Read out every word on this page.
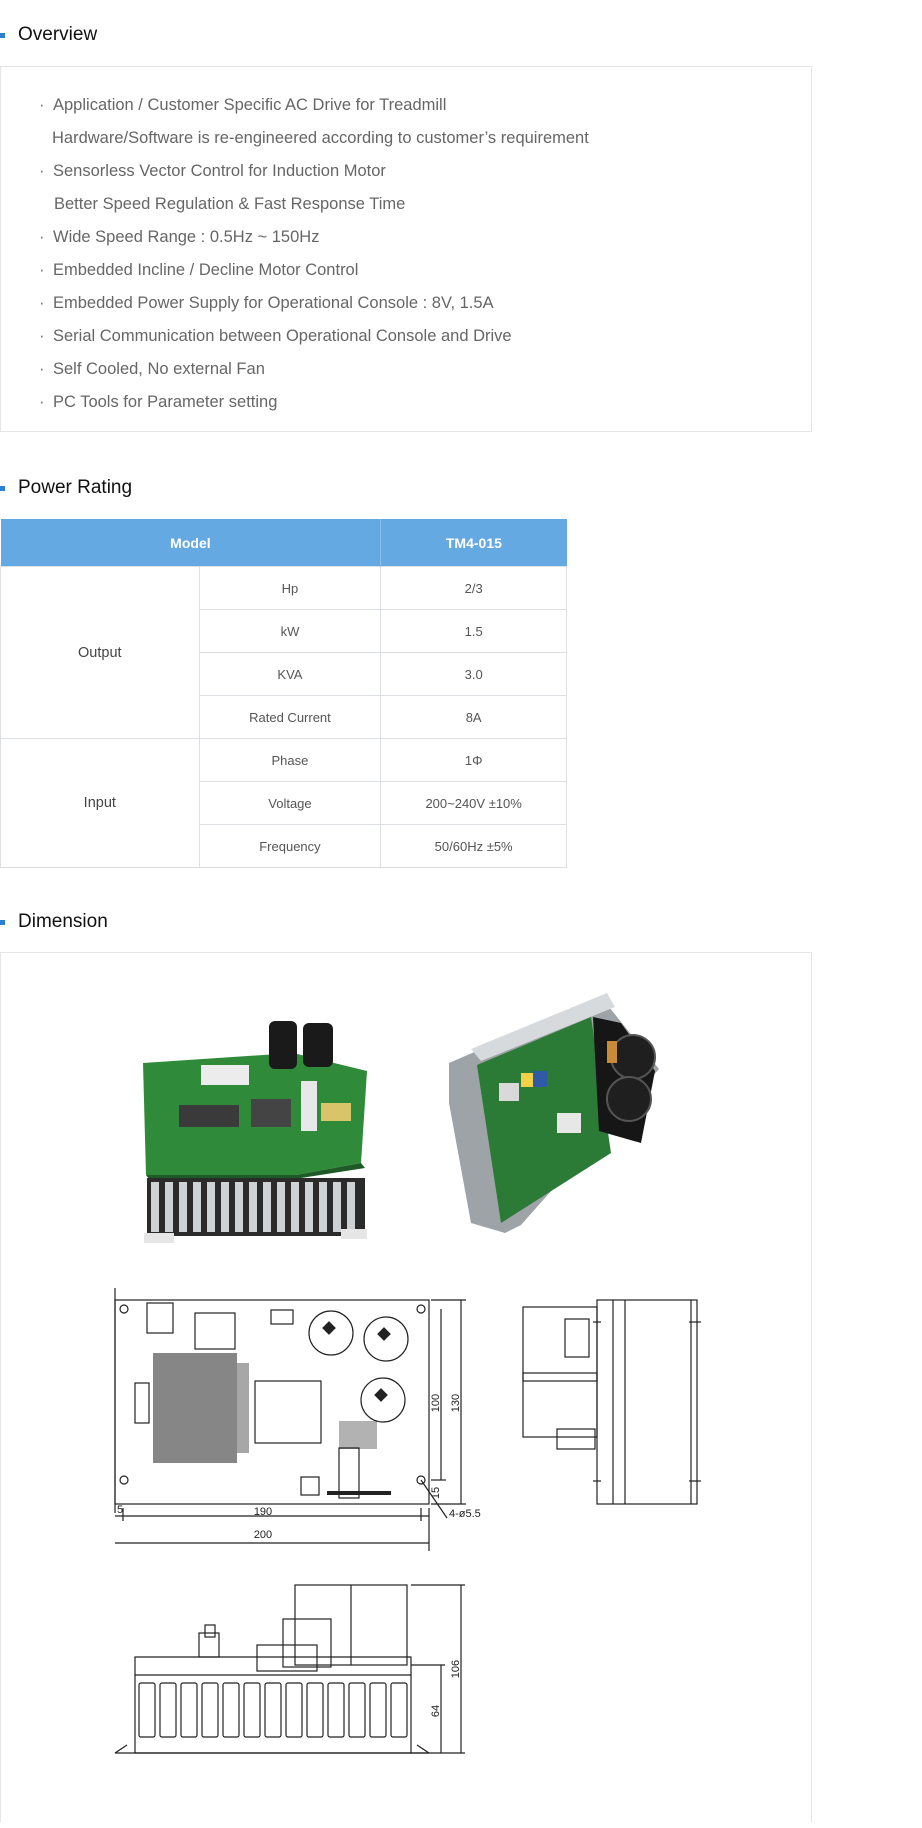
Overview
· Application / Customer Specific AC Drive for Treadmill
Hardware/Software is re-engineered according to customer’s requirement
· Sensorless Vector Control for Induction Motor
Better Speed Regulation & Fast Response Time
· Wide Speed Range : 0.5Hz ~ 150Hz
· Embedded Incline / Decline Motor Control
· Embedded Power Supply for Operational Console : 8V, 1.5A
· Serial Communication between Operational Console and Drive
· Self Cooled, No external Fan
· PC Tools for Parameter setting
Power Rating
Model		TM4-015
Output	Hp	2/3
	kW	1.5
	KVA	3.0
	Rated Current	8A
Input	Phase	1Φ
	Voltage	200~240V ±10%
	Frequency	50/60Hz ±5%
Dimension
190
200
5	4-ø5.5
100 130
15
64
106
